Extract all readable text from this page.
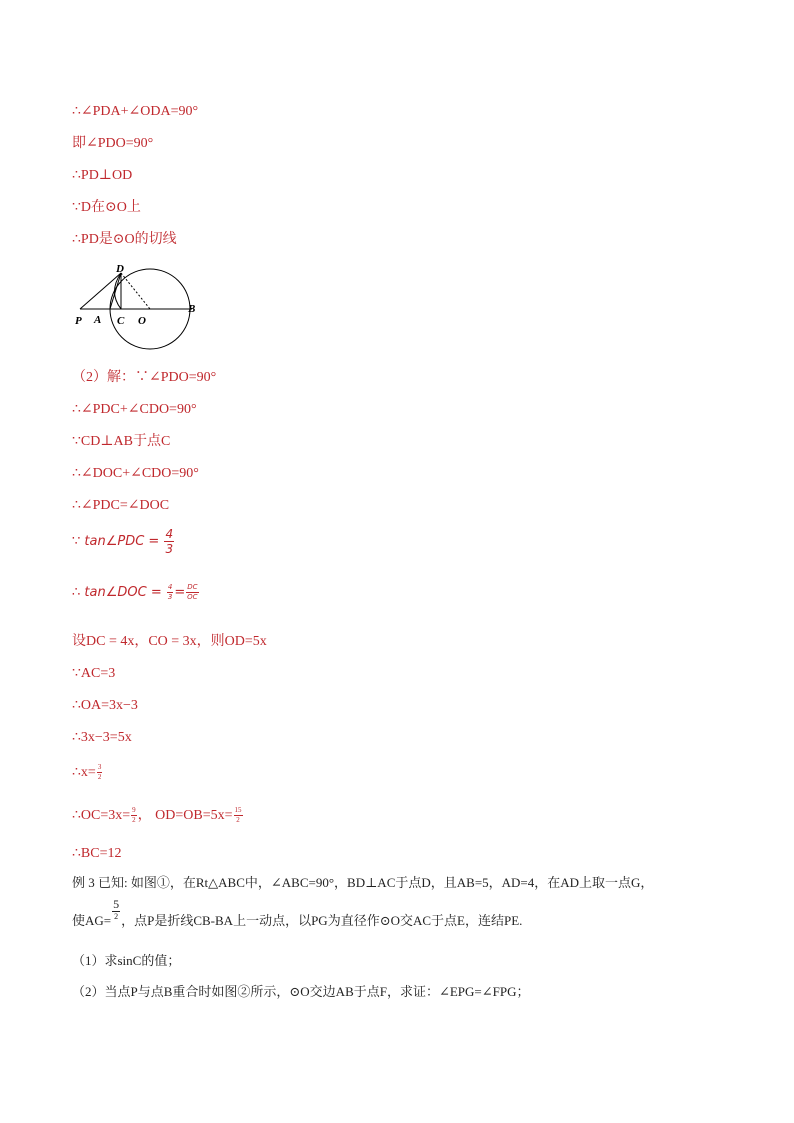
∴∠PDA+∠ODA=90°
即∠PDO=90°
∴PD⊥OD
∵D在⊙O上
∴PD是⊙O的切线
D
P A C O
B
（2）解：∵∠PDO=90°
∴∠PDC+∠CDO=90°
∵CD⊥AB于点C
∴∠DOC+∠CDO=90°
∴∠PDC=∠DOC
∵ tan∠PDC = $\frac{4}{3}$
∴ tan∠DOC = $\frac{4}{3} = \frac{DC}{OC}$
设DC = 4x，CO = 3x，则OD=5x
∵AC=3
∴OA=3x−3
∴3x−3=5x
∴x= $\frac{3}{2}$
∴OC=3x= $\frac{9}{2}$ ， $OD=OB=5x= \frac{15}{2}$
∴BC=12
例 3 已知: 如图①，在Rt△ABC中，∠ABC=90°，BD⊥AC于点D，且AB=5，AD=4，在AD上取一点G，
使$AG= \frac{5}{2}$ ，点P是折线CB-BA上一动点，以PG为直径作⊙O交AC于点E，连结PE.
（1）求sinC的值；
（2）当点P与点B重合时如图②所示，⊙O交边AB于点F，求证：∠EPG=∠FPG；
